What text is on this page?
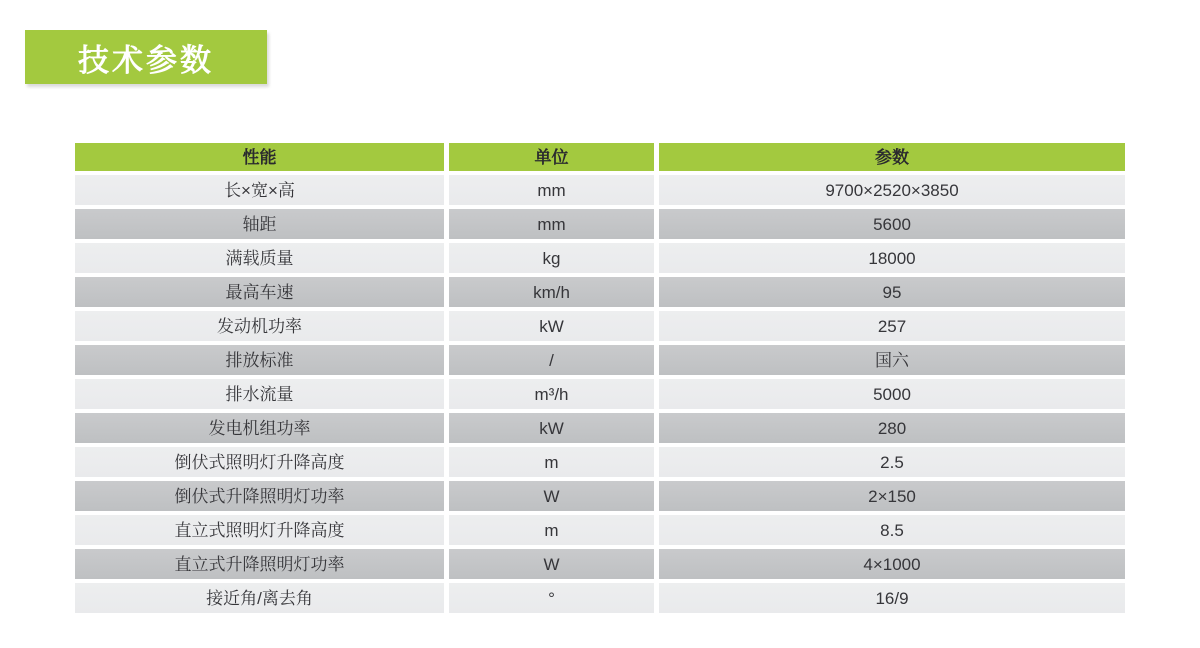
技术参数
性能	单位	参数
长×宽×高	mm	9700×2520×3850
轴距	mm	5600
满载质量	kg	18000
最高车速	km/h	95
发动机功率	kW	257
排放标准	/	国六
排水流量	m³/h	5000
发电机组功率	kW	280
倒伏式照明灯升降高度	m	2.5
倒伏式升降照明灯功率	W	2×150
直立式照明灯升降高度	m	8.5
直立式升降照明灯功率	W	4×1000
接近角/离去角	°	16/9
